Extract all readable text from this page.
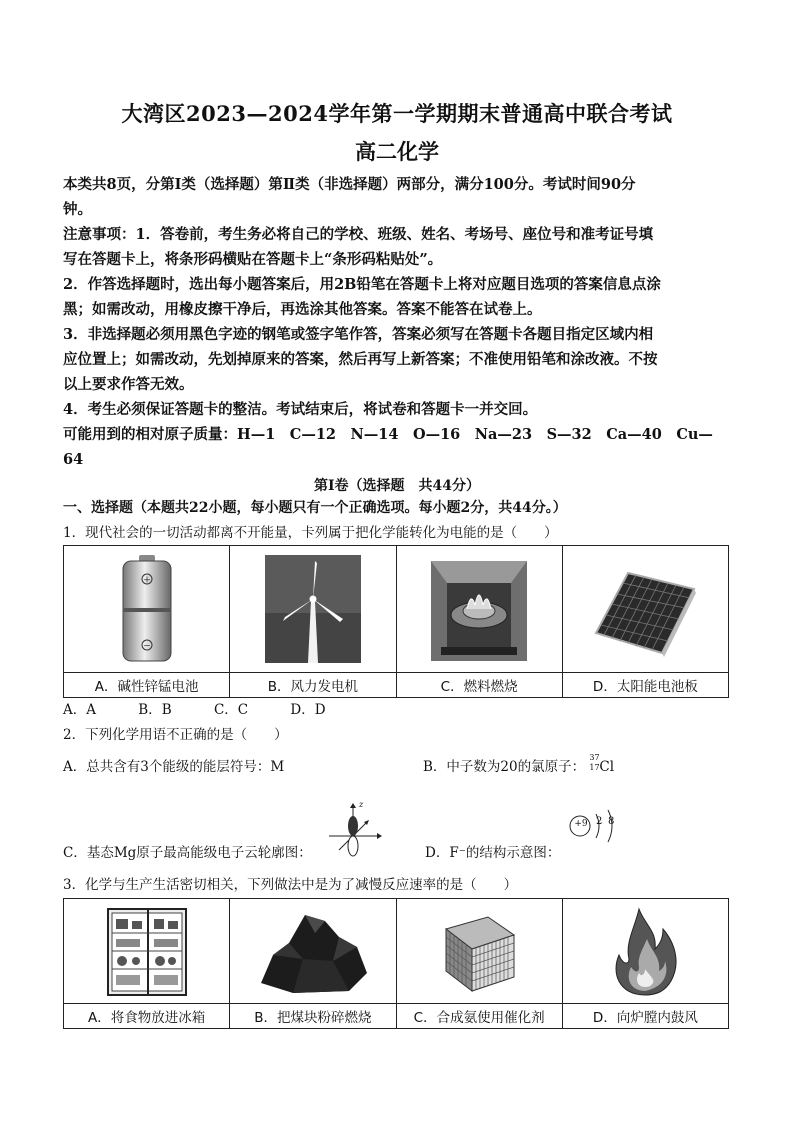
大湾区2023—2024学年第一学期期末普通高中联合考试
高二化学
本类共8页，分第Ⅰ类（选择题）第Ⅱ类（非选择题）两部分，满分100分。考试时间90分
钟。
注意事项：1．答卷前，考生务必将自己的学校、班级、姓名、考场号、座位号和准考证号填
写在答题卡上，将条形码横贴在答题卡上“条形码粘贴处”。
2．作答选择题时，选出每小题答案后，用2B铅笔在答题卡上将对应题目选项的答案信息点涂
黑；如需改动，用橡皮擦干净后，再选涂其他答案。答案不能答在试卷上。
3．非选择题必须用黑色字迹的钢笔或签字笔作答，答案必须写在答题卡各题目指定区域内相
应位置上；如需改动，先划掉原来的答案，然后再写上新答案；不准使用铅笔和涂改液。不按
以上要求作答无效。
4．考生必须保证答题卡的整洁。考试结束后，将试卷和答题卡一并交回。
可能用到的相对原子质量：H—1　C—12　N—14　O—16　Na—23　S—32　Ca—40　Cu—
64
第Ⅰ卷（选择题　共44分）
一、选择题（本题共22小题，每小题只有一个正确选项。每小题2分，共44分。）
1．现代社会的一切活动都离不开能量，卡列属于把化学能转化为电能的是（　　）
+
−

A．碱性锌锰电池	B．风力发电机	C．燃料燃烧	D．太阳能电池板
A．A	B．B	C．C	D．D
2．下列化学用语不正确的是（　　）
A．总共含有3个能级的能层符号：M	B．中子数为20的氯原子：
37
17 Cl
C．基态Mg原子最高能级电子云轮廓图：
z
D．F⁻的结构示意图：
+9 2 8
3．化学与生产生活密切相关，下列做法中是为了减慢反应速率的是（　　）

A．将食物放进冰箱	B．把煤块粉碎燃烧	C．合成氨使用催化剂	D．向炉膛内鼓风
